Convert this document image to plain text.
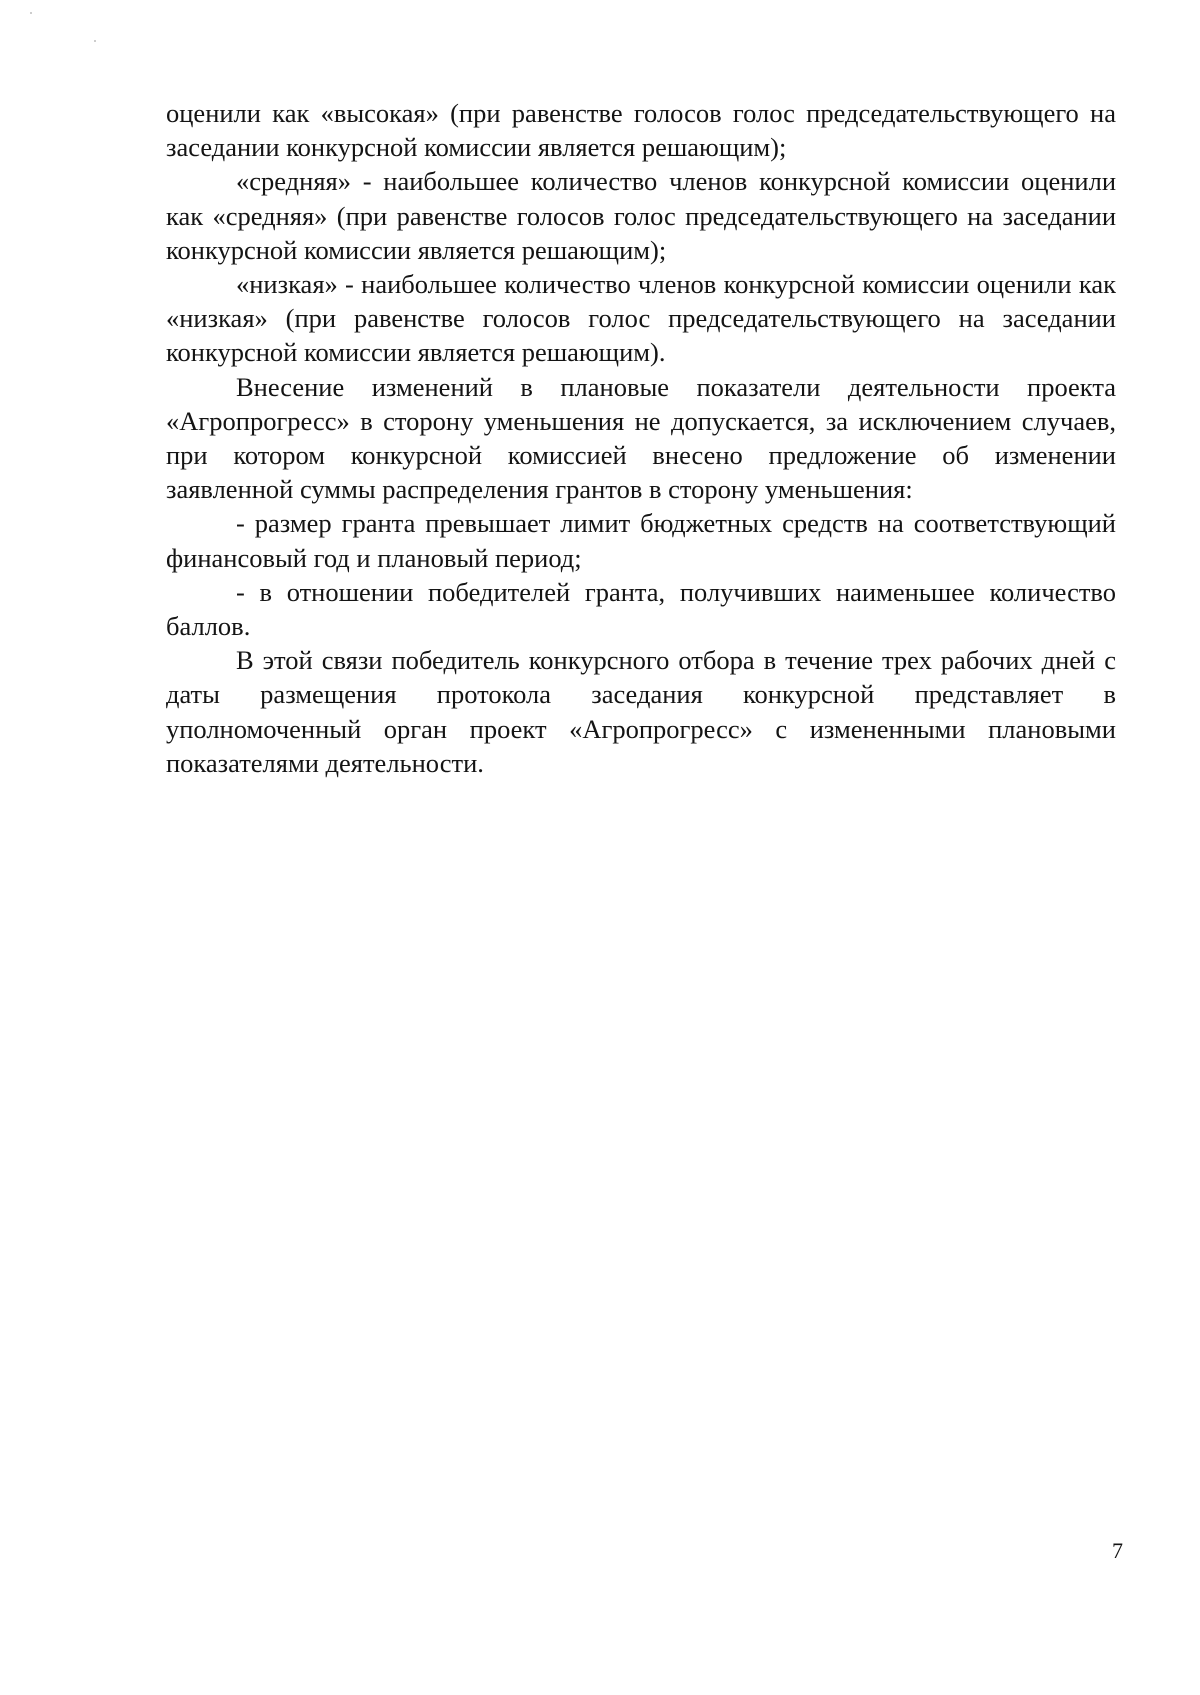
оценили как «высокая» (при равенстве голосов голос председательствующего на заседании конкурсной комиссии является решающим);

«средняя» - наибольшее количество членов конкурсной комиссии оценили как «средняя» (при равенстве голосов голос председательствующего на заседании конкурсной комиссии является решающим);

«низкая» - наибольшее количество членов конкурсной комиссии оценили как «низкая» (при равенстве голосов голос председательствующего на заседании конкурсной комиссии является решающим).

Внесение изменений в плановые показатели деятельности проекта «Агропрогресс» в сторону уменьшения не допускается, за исключением случаев, при котором конкурсной комиссией внесено предложение об изменении заявленной суммы распределения грантов в сторону уменьшения:

- размер гранта превышает лимит бюджетных средств на соответствующий финансовый год и плановый период;

- в отношении победителей гранта, получивших наименьшее количество баллов.

В этой связи победитель конкурсного отбора в течение трех рабочих дней с даты размещения протокола заседания конкурсной представляет в уполномоченный орган проект «Агропрогресс» с измененными плановыми показателями деятельности.

7
